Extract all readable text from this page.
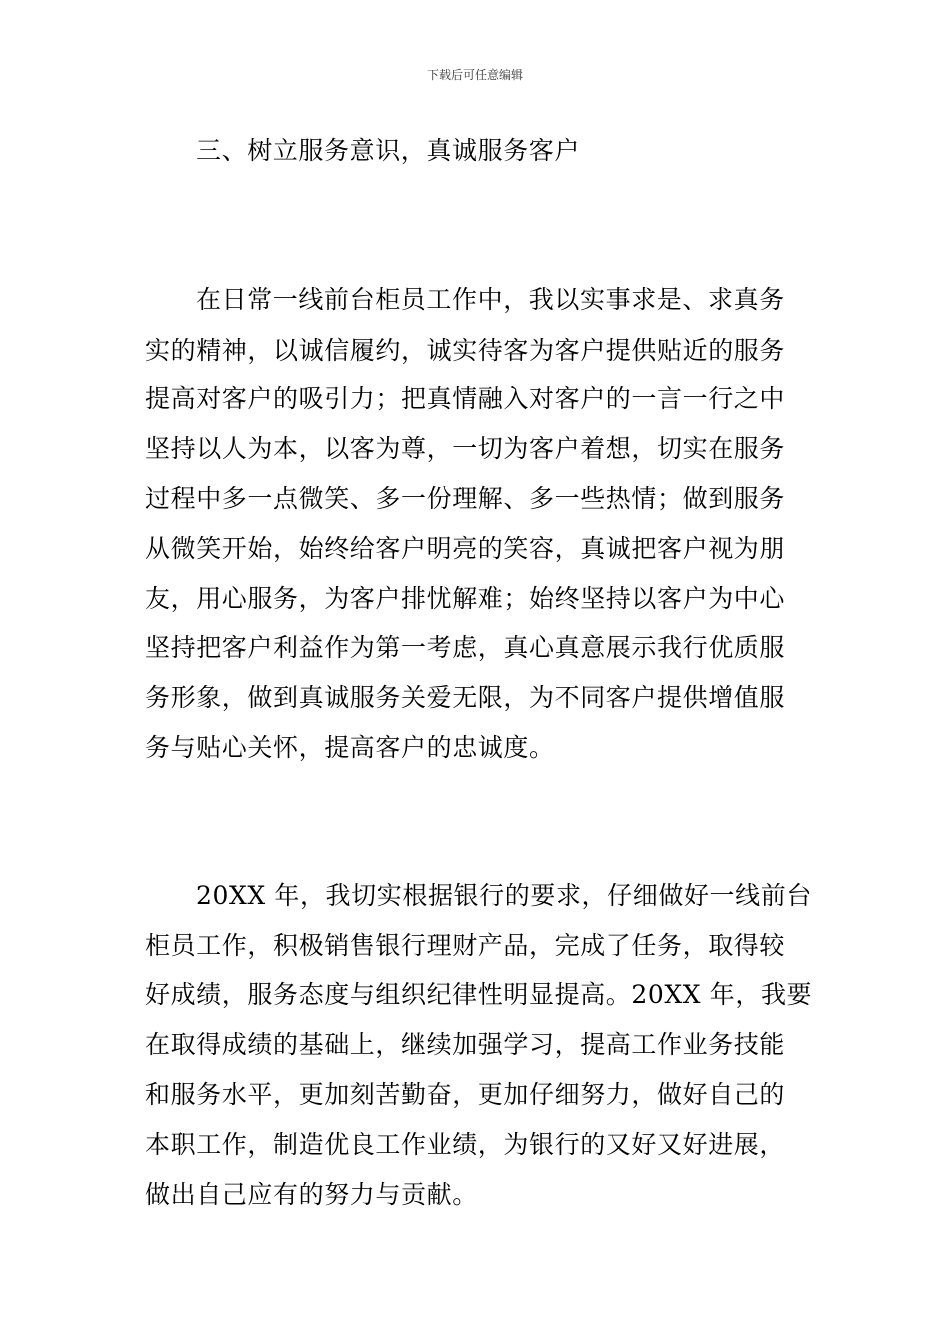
下载后可任意编辑
三、树立服务意识，真诚服务客户
在日常一线前台柜员工作中，我以实事求是、求真务
实的精神，以诚信履约，诚实待客为客户提供贴近的服务
提高对客户的吸引力；把真情融入对客户的一言一行之中
坚持以人为本，以客为尊，一切为客户着想，切实在服务
过程中多一点微笑、多一份理解、多一些热情；做到服务
从微笑开始，始终给客户明亮的笑容，真诚把客户视为朋
友，用心服务，为客户排忧解难；始终坚持以客户为中心
坚持把客户利益作为第一考虑，真心真意展示我行优质服
务形象，做到真诚服务关爱无限，为不同客户提供增值服
务与贴心关怀，提高客户的忠诚度。
20XX 年，我切实根据银行的要求，仔细做好一线前台
柜员工作，积极销售银行理财产品，完成了任务，取得较
好成绩，服务态度与组织纪律性明显提高。20XX 年，我要
在取得成绩的基础上，继续加强学习，提高工作业务技能
和服务水平，更加刻苦勤奋，更加仔细努力，做好自己的
本职工作，制造优良工作业绩，为银行的又好又好进展，
做出自己应有的努力与贡献。
